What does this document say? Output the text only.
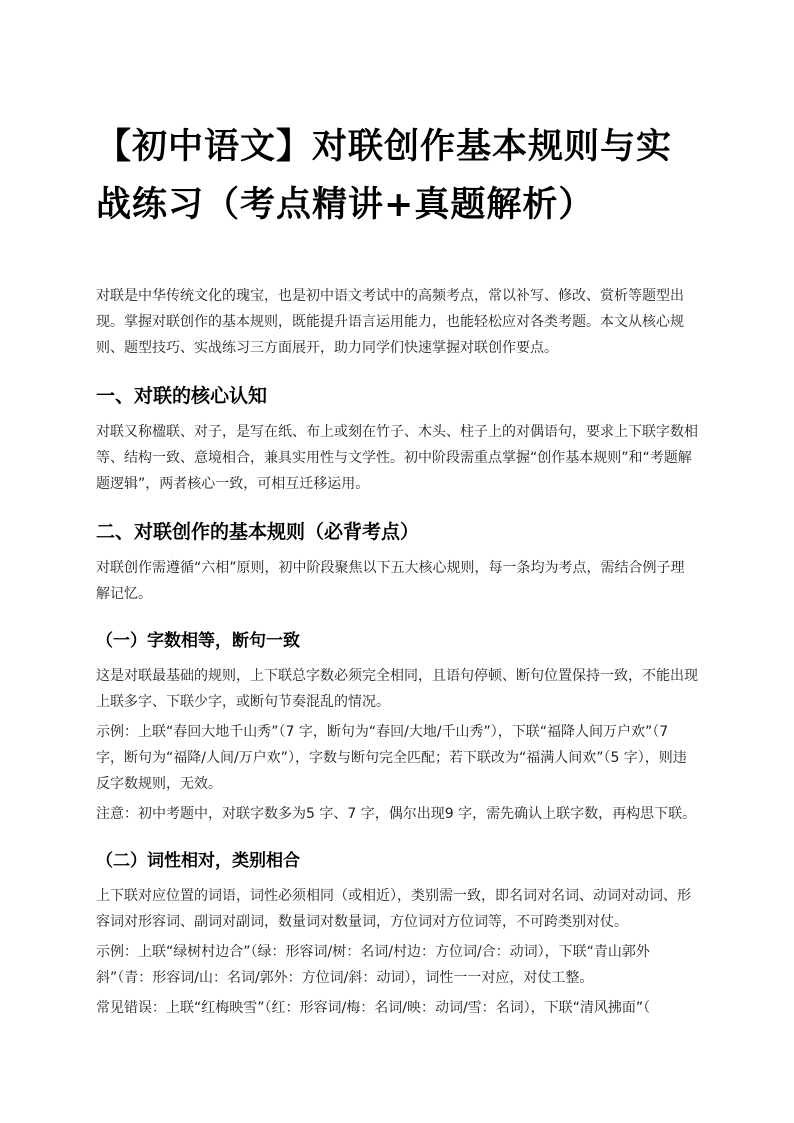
【初中语文】对联创作基本规则与实战练习（考点精讲+真题解析）

对联是中华传统文化的瑰宝，也是初中语文考试中的高频考点，常以补写、修改、赏析等题型出现。掌握对联创作的基本规则，既能提升语言运用能力，也能轻松应对各类考题。本文从核心规则、题型技巧、实战练习三方面展开，助力同学们快速掌握对联创作要点。

一、对联的核心认知

对联又称楹联、对子，是写在纸、布上或刻在竹子、木头、柱子上的对偶语句，要求上下联字数相等、结构一致、意境相合，兼具实用性与文学性。初中阶段需重点掌握“创作基本规则”和“考题解题逻辑”，两者核心一致，可相互迁移运用。

二、对联创作的基本规则（必背考点）

对联创作需遵循“六相”原则，初中阶段聚焦以下五大核心规则，每一条均为考点，需结合例子理解记忆。

（一）字数相等，断句一致

这是对联最基础的规则，上下联总字数必须完全相同，且语句停顿、断句位置保持一致，不能出现上联多字、下联少字，或断句节奏混乱的情况。

示例：上联“春回大地千山秀”（7 字，断句为“春回/大地/千山秀”），下联“福降人间万户欢”（7 字，断句为“福降/人间/万户欢”），字数与断句完全匹配；若下联改为“福满人间欢”（5 字），则违反字数规则，无效。

注意：初中考题中，对联字数多为5 字、7 字，偶尔出现9 字，需先确认上联字数，再构思下联。

（二）词性相对，类别相合

上下联对应位置的词语，词性必须相同（或相近），类别需一致，即名词对名词、动词对动词、形容词对形容词、副词对副词，数量词对数量词，方位词对方位词等，不可跨类别对仗。

示例：上联“绿树村边合”（绿：形容词/树：名词/村边：方位词/合：动词），下联“青山郭外斜”（青：形容词/山：名词/郭外：方位词/斜：动词），词性一一对应，对仗工整。

常见错误：上联“红梅映雪”（红：形容词/梅：名词/映：动词/雪：名词），下联“清风拂面”（
